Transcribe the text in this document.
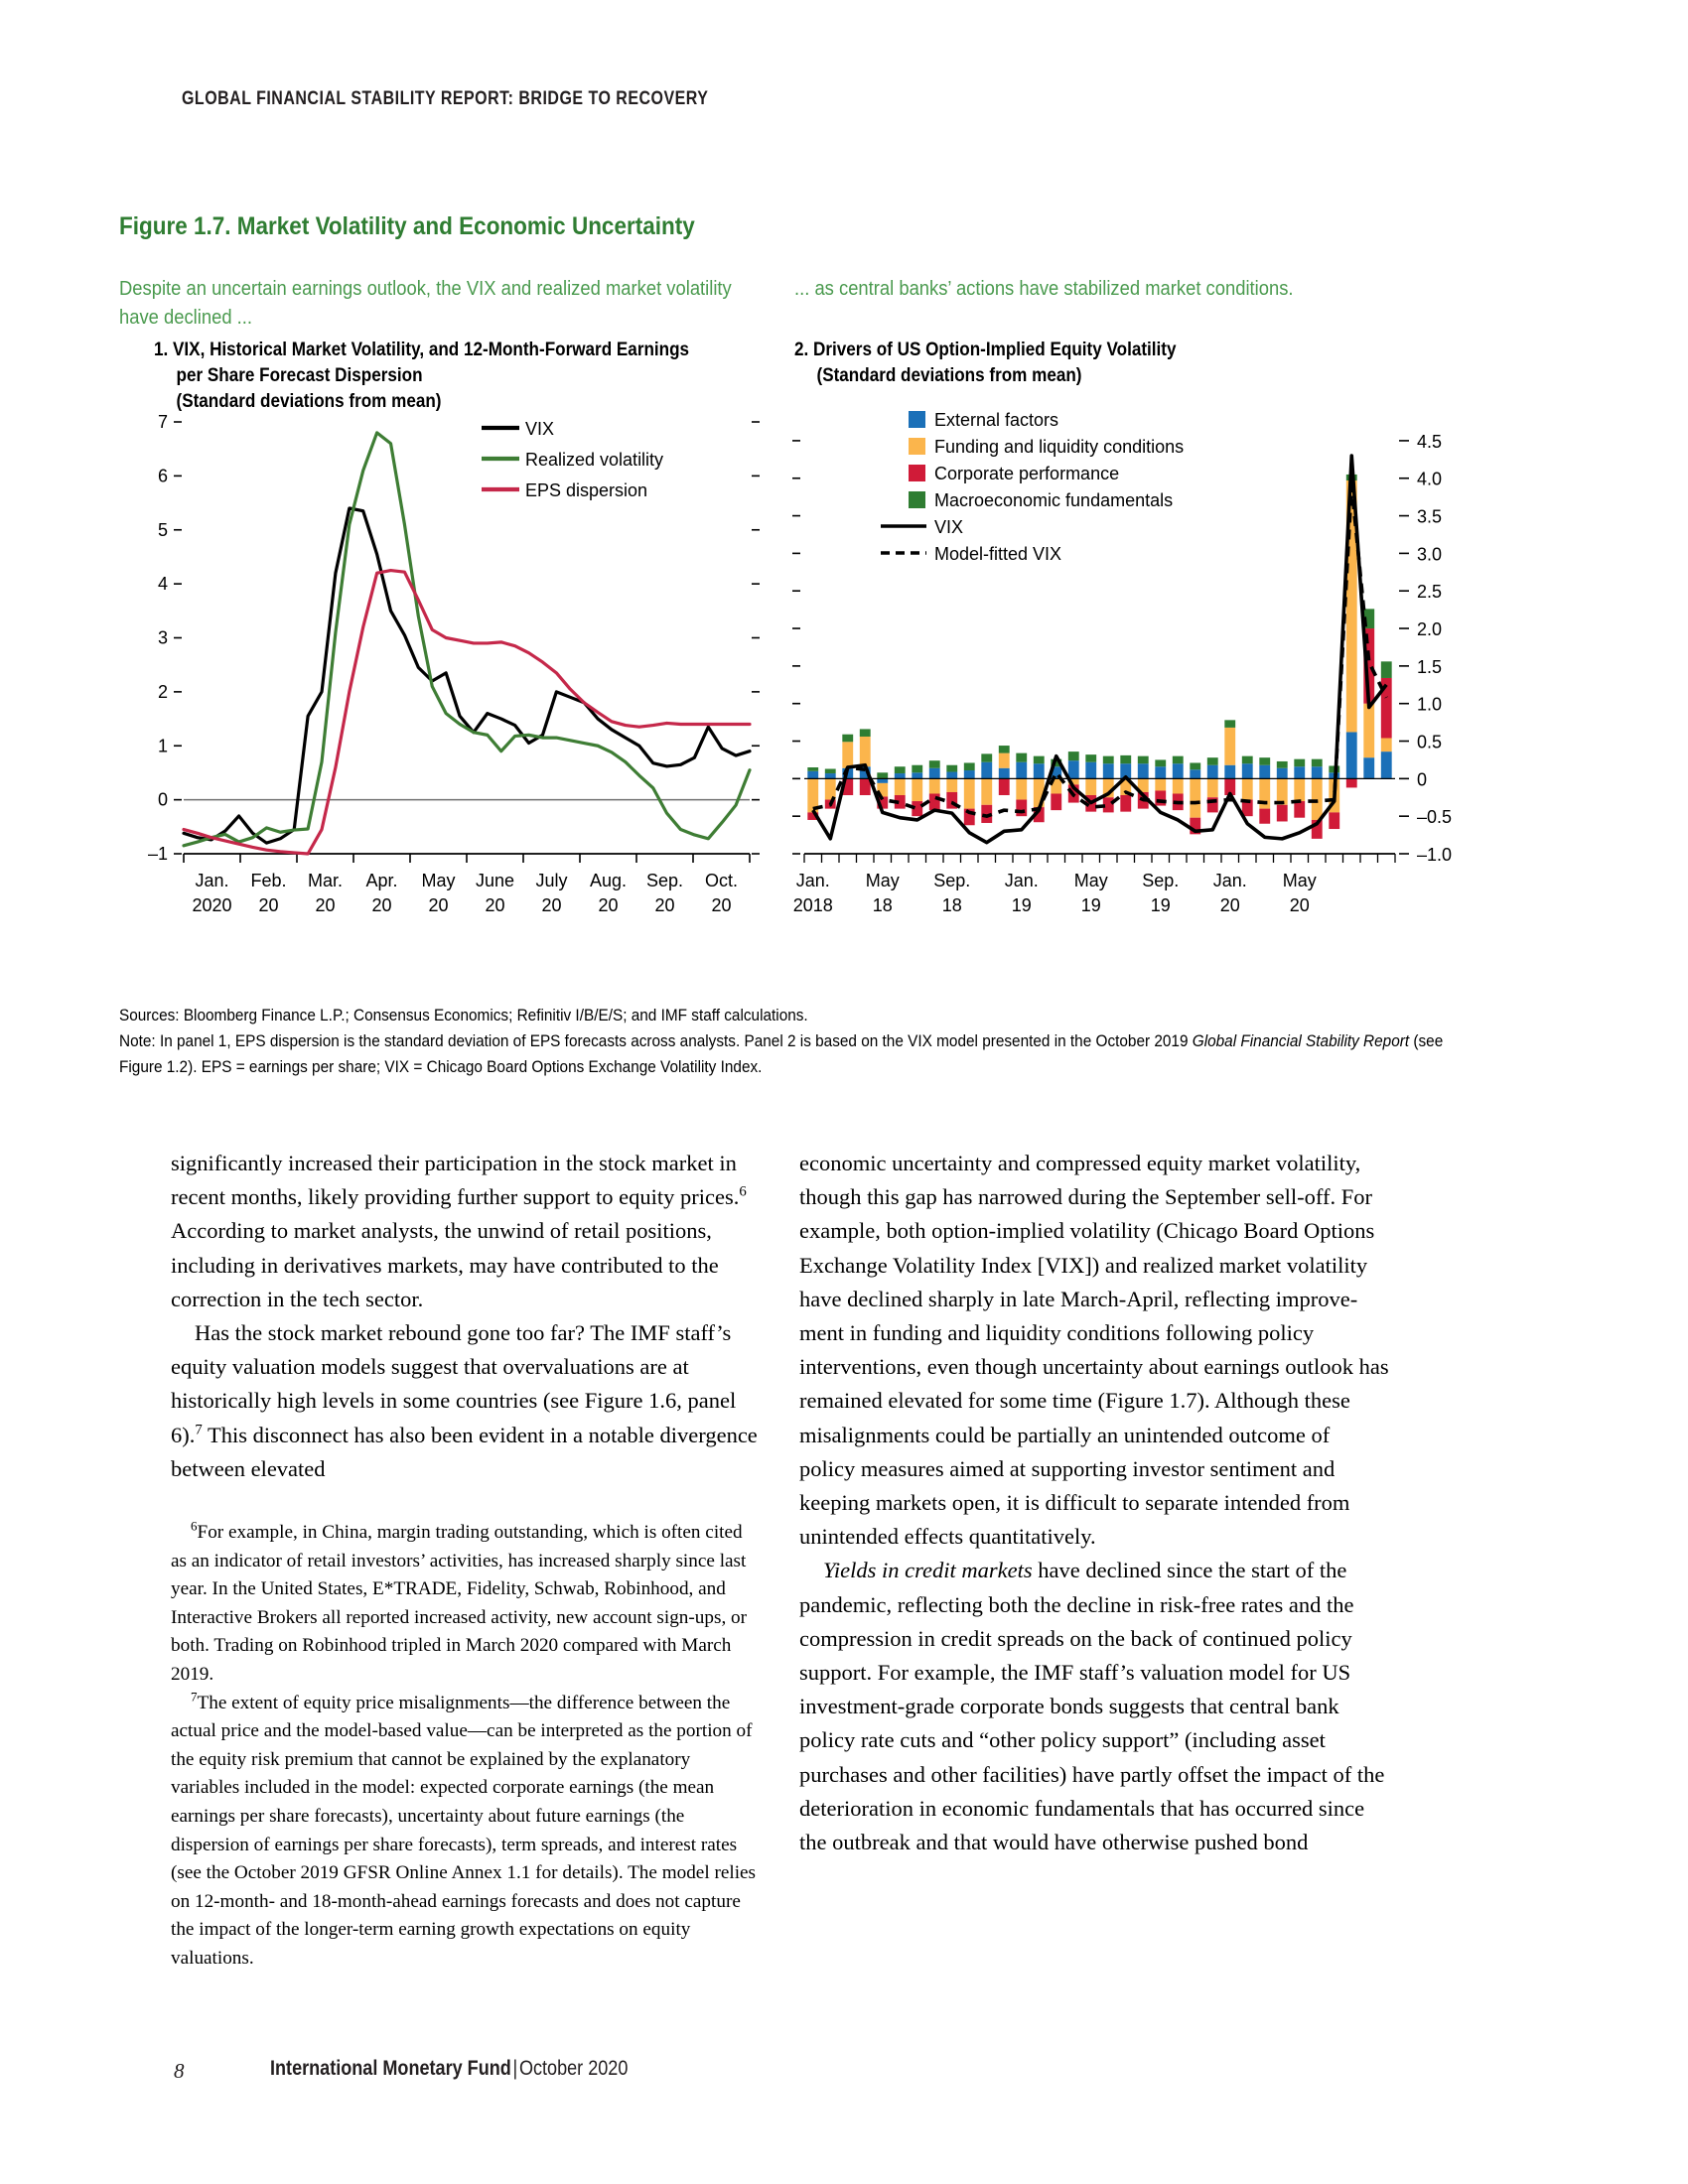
GLOBAL FINANCIAL STABILITY REPORT: BRIDGE TO RECOVERY
Figure 1.7. Market Volatility and Economic Uncertainty
Despite an uncertain earnings outlook, the VIX and realized market volatility have declined ...
... as central banks’ actions have stabilized market conditions.
1. VIX, Historical Market Volatility, and 12-Month-Forward Earnings
per Share Forecast Dispersion
(Standard deviations from mean)
2. Drivers of US Option-Implied Equity Volatility
(Standard deviations from mean)
–1
0
1
2
3
4
5
6
7
Jan.
2020
Feb.
20
Mar.
20
Apr.
20
May
20
June
20
July
20
Aug.
20
Sep.
20
Oct.
20
VIX
Realized volatility
EPS dispersion
–1.0
–0.5
0
0.5
1.0
1.5
2.0
2.5
3.0
3.5
4.0
4.5
Jan.
2018
May
18
Sep.
18
Jan.
19
May
19
Sep.
19
Jan.
20
May
20
External factors
Funding and liquidity conditions
Corporate performance
Macroeconomic fundamentals
VIX
Model-fitted VIX
Sources: Bloomberg Finance L.P.; Consensus Economics; Refinitiv I/B/E/S; and IMF staff calculations.
Note: In panel 1, EPS dispersion is the standard deviation of EPS forecasts across analysts. Panel 2 is based on the VIX model presented in the October 2019 Global Financial Stability Report (see Figure 1.2). EPS = earnings per share; VIX = Chicago Board Options Exchange Volatility Index.

significantly increased their participation in the stock market in recent months, likely providing further support to equity prices.$^6$ According to market analysts, the unwind of retail positions, including in derivatives markets, may have contributed to the correction in the tech sector.

Has the stock market rebound gone too far? The IMF staff’s equity valuation models suggest that overvaluations are at historically high levels in some countries (see Figure 1.6, panel 6).$^7$ This disconnect has also been evident in a notable divergence between elevated

economic uncertainty and compressed equity market volatility, though this gap has narrowed during the September sell-off. For example, both option-implied volatility (Chicago Board Options Exchange Volatility Index [VIX]) and realized market volatility have declined sharply in late March-April, reflecting improvement in funding and liquidity conditions following policy interventions, even though uncertainty about earnings outlook has remained elevated for some time (Figure 1.7). Although these misalignments could be partially an unintended outcome of policy measures aimed at supporting investor sentiment and keeping markets open, it is difficult to separate intended from unintended effects quantitatively.

Yields in credit markets have declined since the start of the pandemic, reflecting both the decline in risk-free rates and the compression in credit spreads on the back of continued policy support. For example, the IMF staff’s valuation model for US investment-grade corporate bonds suggests that central bank policy rate cuts and “other policy support” (including asset purchases and other facilities) have partly offset the impact of the deterioration in economic fundamentals that has occurred since the outbreak and that would have otherwise pushed bond

$^6$For example, in China, margin trading outstanding, which is often cited as an indicator of retail investors’ activities, has increased sharply since last year. In the United States, E*TRADE, Fidelity, Schwab, Robinhood, and Interactive Brokers all reported increased activity, new account sign-ups, or both. Trading on Robinhood tripled in March 2020 compared with March 2019.

$^7$The extent of equity price misalignments—the difference between the actual price and the model-based value—can be interpreted as the portion of the equity risk premium that cannot be explained by the explanatory variables included in the model: expected corporate earnings (the mean earnings per share forecasts), uncertainty about future earnings (the dispersion of earnings per share forecasts), term spreads, and interest rates (see the October 2019 GFSR Online Annex 1.1 for details). The model relies on 12-month- and 18-month-ahead earnings forecasts and does not capture the impact of the longer-term earning growth expectations on equity valuations.

8	International Monetary Fund|October 2020
